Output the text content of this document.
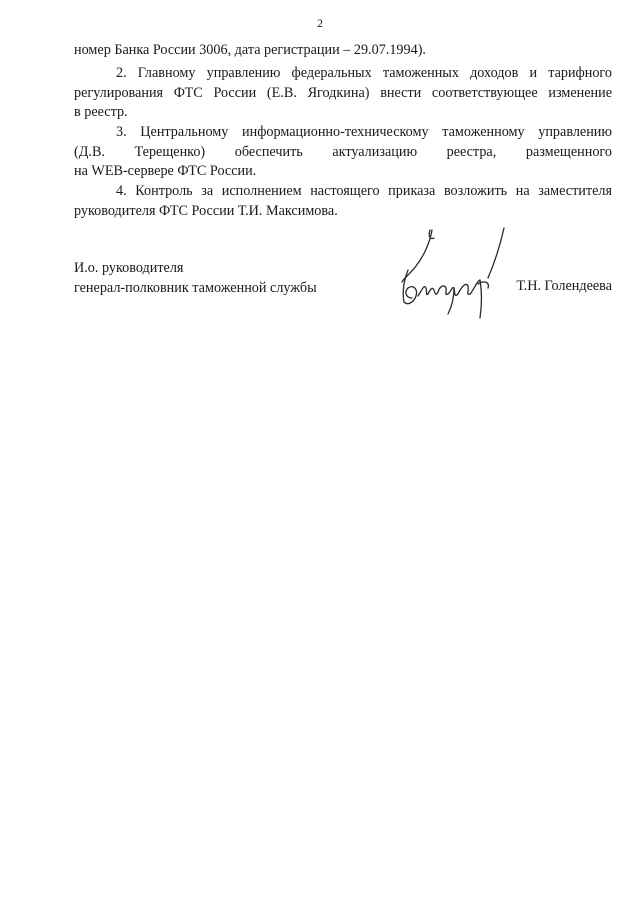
2

номер Банка России 3006, дата регистрации – 29.07.1994).

2. Главному управлению федеральных таможенных доходов и тарифного

регулирования ФТС России (Е.В. Ягодкина) внести соответствующее изменение

в реестр.

3. Центральному информационно-техническому таможенному управлению

(Д.В. Терещенко) обеспечить актуализацию реестра, размещенного

на WEB-сервере ФТС России.

4. Контроль за исполнением настоящего приказа возложить на заместителя

руководителя ФТС России Т.И. Максимова.

И.о. руководителя
генерал-полковник таможенной службы	Т.Н. Голендеева
